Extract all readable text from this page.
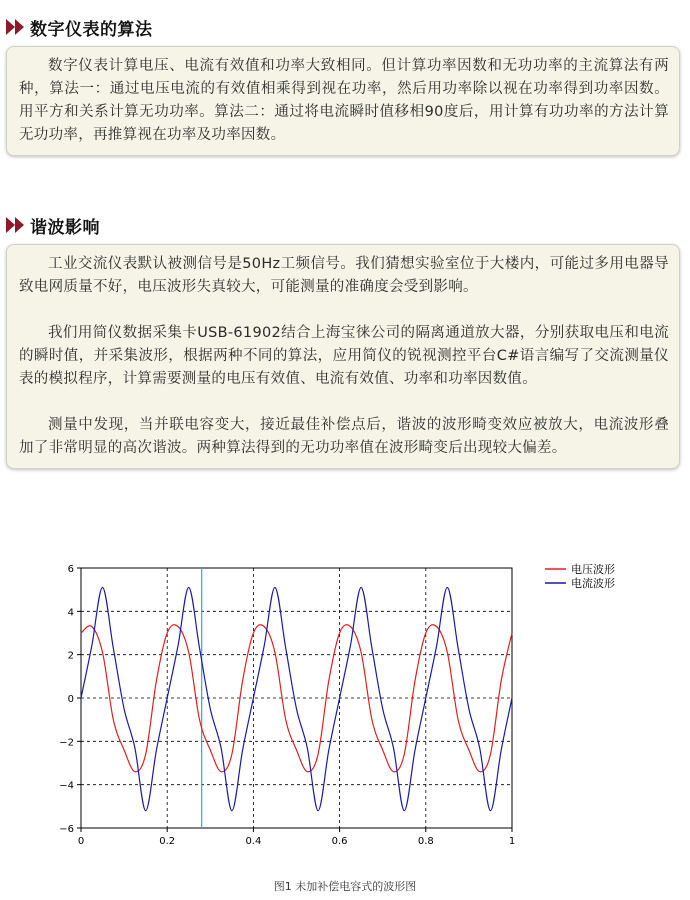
数字仪表的算法

数字仪表计算电压、电流有效值和功率大致相同。但计算功率因数和无功功率的主流算法有两种，算法一：通过电压电流的有效值相乘得到视在功率，然后用功率除以视在功率得到功率因数。用平方和关系计算无功功率。算法二：通过将电流瞬时值移相90度后，用计算有功功率的方法计算无功功率，再推算视在功率及功率因数。

谐波影响

工业交流仪表默认被测信号是50Hz工频信号。我们猜想实验室位于大楼内，可能过多用电器导致电网质量不好，电压波形失真较大，可能测量的准确度会受到影响。

我们用简仪数据采集卡USB-61902结合上海宝徕公司的隔离通道放大器，分别获取电压和电流的瞬时值，并采集波形，根据两种不同的算法，应用简仪的锐视测控平台C#语言编写了交流测量仪表的模拟程序，计算需要测量的电压有效值、电流有效值、功率和功率因数值。

测量中发现，当并联电容变大，接近最佳补偿点后，谐波的波形畸变效应被放大，电流波形叠加了非常明显的高次谐波。两种算法得到的无功功率值在波形畸变后出现较大偏差。

0	0.2	0.4	0.6	0.8	1
6
4
2
0
−2
−4
−6
电压波形
电流波形
图1 未加补偿电容式的波形图
